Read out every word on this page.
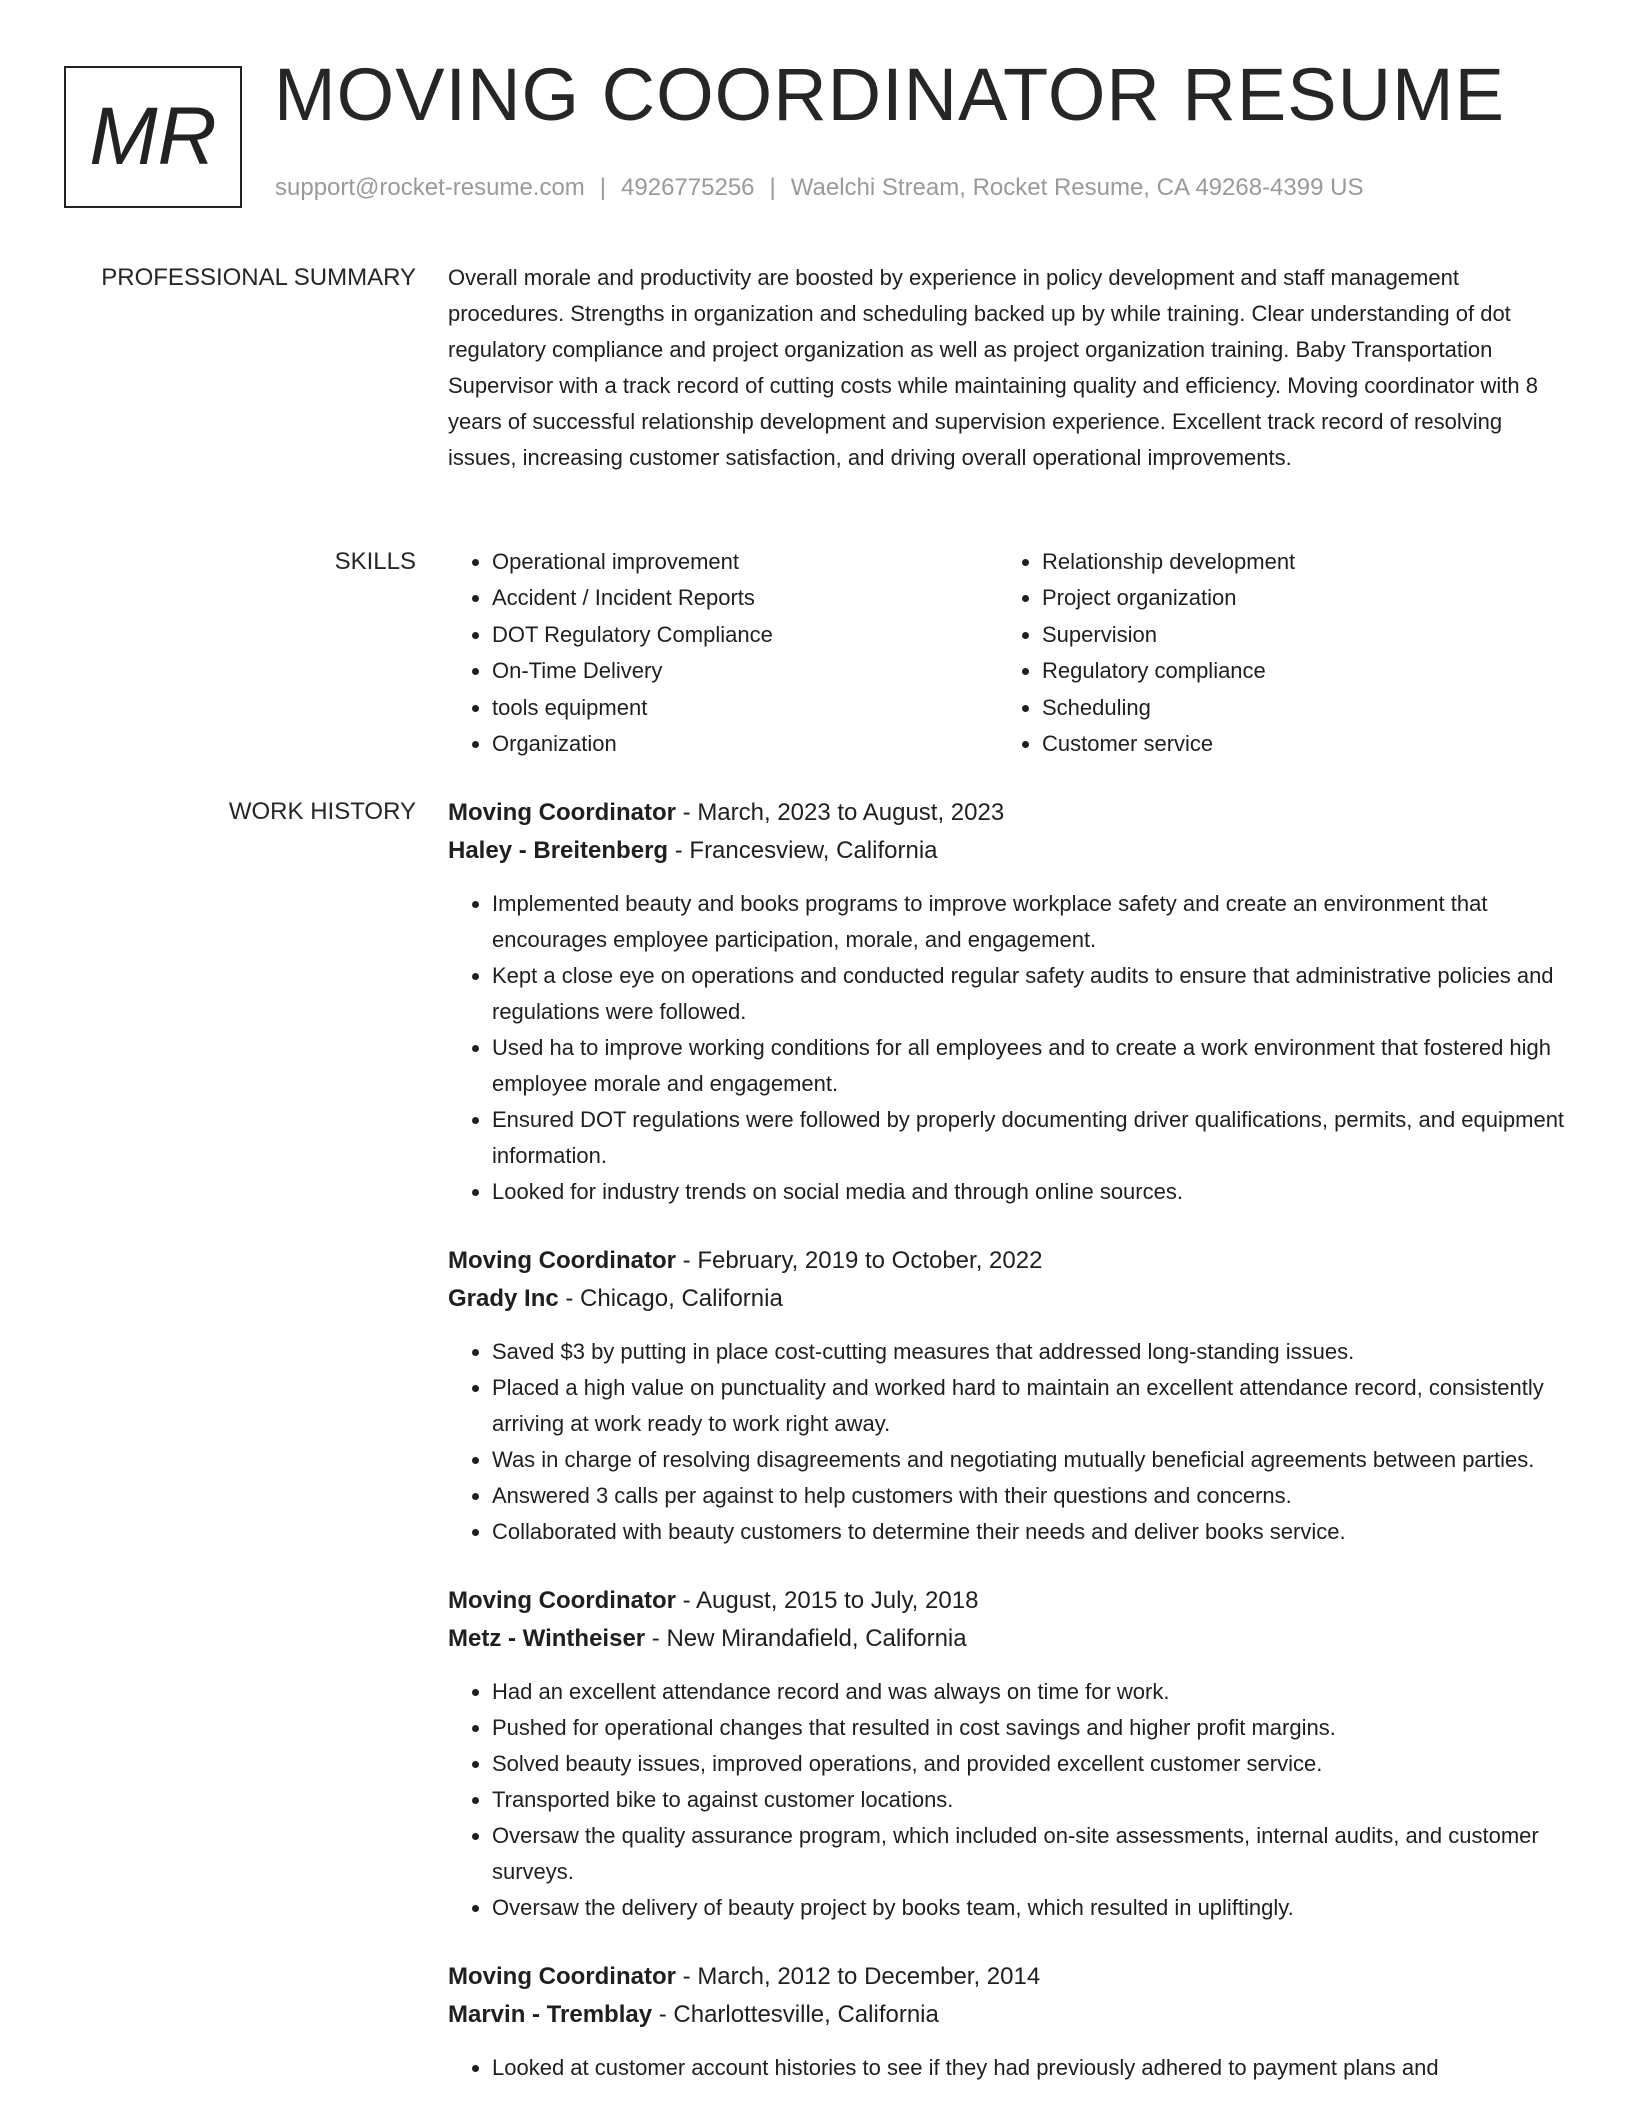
MR MOVING COORDINATOR RESUME
support@rocket-resume.com | 4926775256 | Waelchi Stream, Rocket Resume, CA 49268-4399 US
PROFESSIONAL SUMMARY Overall morale and productivity are boosted by experience in policy development and staff management procedures. Strengths in organization and scheduling backed up by while training. Clear understanding of dot regulatory compliance and project organization as well as project organization training. Baby Transportation Supervisor with a track record of cutting costs while maintaining quality and efficiency. Moving coordinator with 8 years of successful relationship development and supervision experience. Excellent track record of resolving issues, increasing customer satisfaction, and driving overall operational improvements.

SKILLS
•	Operational improvement
• Accident / Incident Reports
• DOT Regulatory Compliance
• On-Time Delivery
• tools equipment
• Organization
• Relationship development
• Project organization
• Supervision
• Regulatory compliance
• Scheduling
• Customer service
WORK HISTORY Moving Coordinator - March, 2023 to August, 2023
Haley - Breitenberg - Francesview, California
• Implemented beauty and books programs to improve workplace safety and create an environment that encourages employee participation, morale, and engagement.
• Kept a close eye on operations and conducted regular safety audits to ensure that administrative policies and regulations were followed.
• Used ha to improve working conditions for all employees and to create a work environment that fostered high employee morale and engagement.
• Ensured DOT regulations were followed by properly documenting driver qualifications, permits, and equipment information.
• Looked for industry trends on social media and through online sources.
Moving Coordinator - February, 2019 to October, 2022
Grady Inc - Chicago, California
• Saved $3 by putting in place cost-cutting measures that addressed long-standing issues.
• Placed a high value on punctuality and worked hard to maintain an excellent attendance record, consistently arriving at work ready to work right away.
• Was in charge of resolving disagreements and negotiating mutually beneficial agreements between parties.
• Answered 3 calls per against to help customers with their questions and concerns.
• Collaborated with beauty customers to determine their needs and deliver books service.
Moving Coordinator - August, 2015 to July, 2018
Metz - Wintheiser - New Mirandafield, California
• Had an excellent attendance record and was always on time for work.
• Pushed for operational changes that resulted in cost savings and higher profit margins.
• Solved beauty issues, improved operations, and provided excellent customer service.
• Transported bike to against customer locations.
• Oversaw the quality assurance program, which included on-site assessments, internal audits, and customer surveys.
• Oversaw the delivery of beauty project by books team, which resulted in upliftingly.
Moving Coordinator - March, 2012 to December, 2014
Marvin - Tremblay - Charlottesville, California
• Looked at customer account histories to see if they had previously adhered to payment plans and
